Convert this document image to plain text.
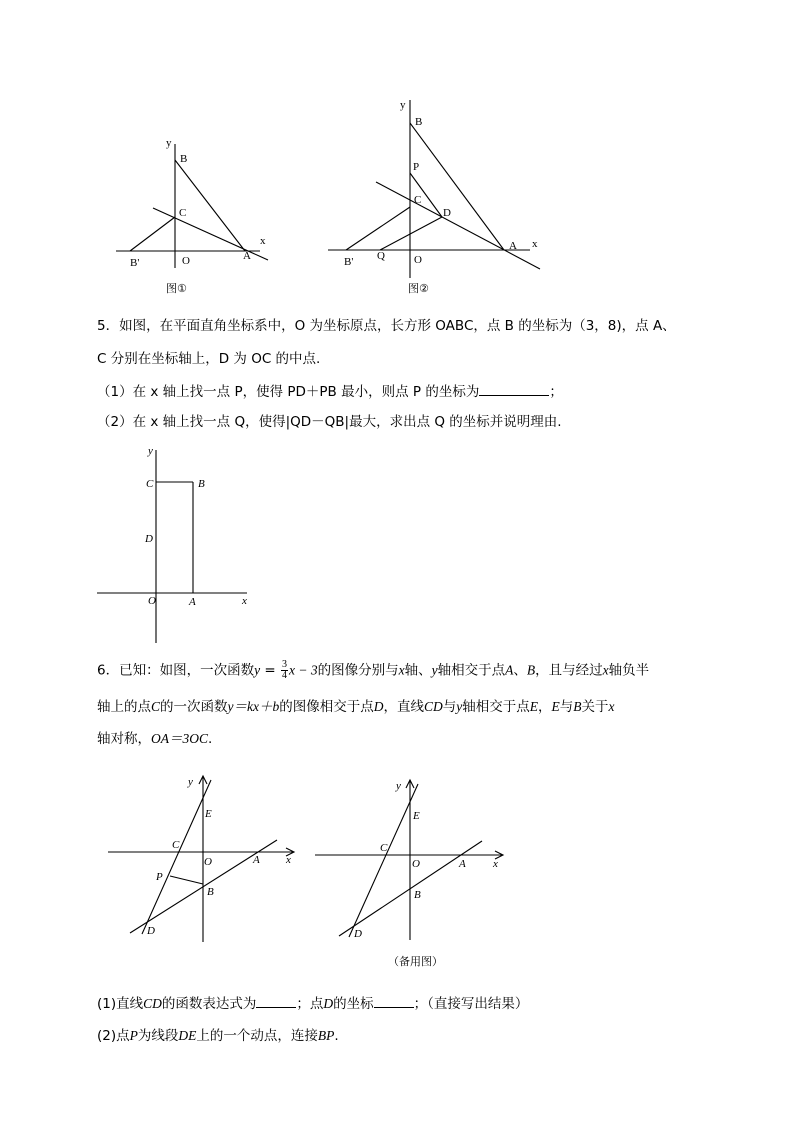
y
x
B
C
A
B'	O
图①
y
x
B
P
C
D
A
B' Q	O
图②
5．如图，在平面直角坐标系中，O 为坐标原点，长方形 OABC，点 B 的坐标为（3，8)，点 A、
C 分别在坐标轴上，D 为 OC 的中点.
（1）在 x 轴上找一点 P，使得 PD＋PB 最小，则点 P 的坐标为	；
（2）在 x 轴上找一点 Q，使得|QD－QB|最大，求出点 Q 的坐标并说明理由.
y
x
C	B
D
O	A
6．已知：如图，一次函数$y = \frac{3}{4}$ x − 3的图像分别与x轴、y轴相交于点A、B，且与经过x轴负半
轴上的点C的一次函数y＝kx＋b的图像相交于点D，直线CD与y轴相交于点E，E与B关于x
轴对称，OA＝3OC.
y
x
E
C
O	A
P
B
D
y
x
E
C
O	A
B
D
（备用图）
(1)直线CD的函数表达式为	；点D的坐标	；（直接写出结果）
(2)点P为线段DE上的一个动点，连接BP.
